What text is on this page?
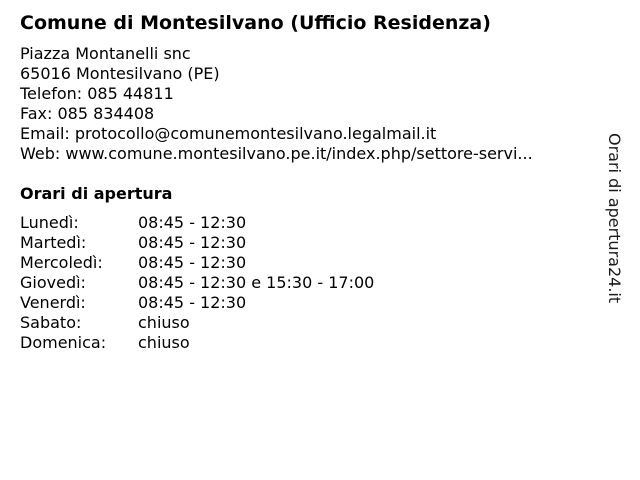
Comune di Montesilvano (Ufficio Residenza)
Piazza Montanelli snc
65016 Montesilvano (PE)
Telefon: 085 44811
Fax: 085 834408
Email: protocollo@comunemontesilvano.legalmail.it
Web: www.comune.montesilvano.pe.it/index.php/settore-servi...
Orari di apertura
Lunedì:	08:45 - 12:30
Martedì:	08:45 - 12:30
Mercoledì: 08:45 - 12:30
Giovedì:	08:45 - 12:30 e 15:30 - 17:00
Venerdì:	08:45 - 12:30
Sabato:	chiuso
Domenica: chiuso
Orari di apertura24.it
